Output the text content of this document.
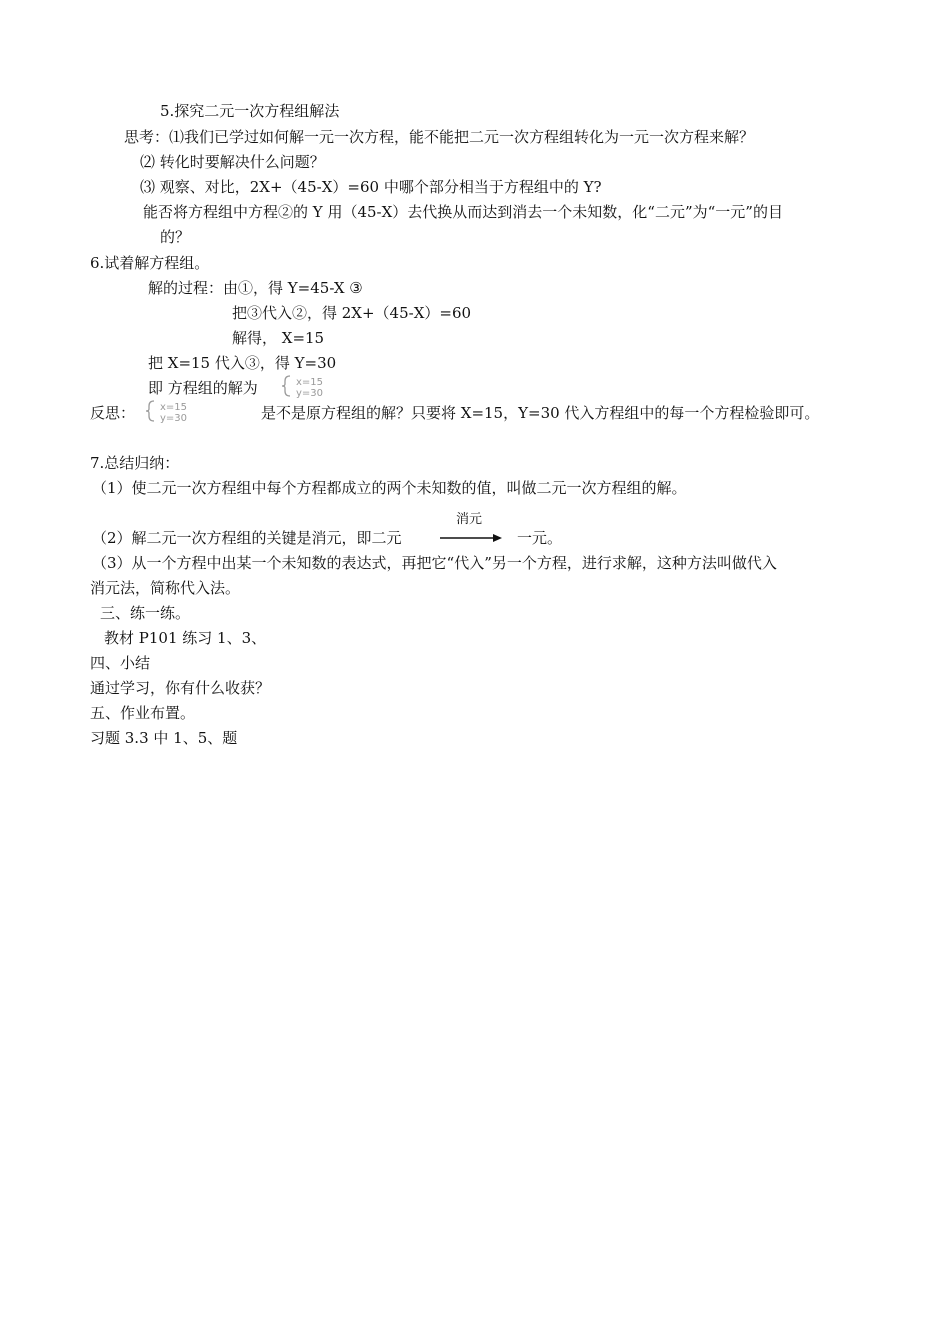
5.探究二元一次方程组解法
思考：⑴我们已学过如何解一元一次方程，能不能把二元一次方程组转化为一元一次方程来解？
⑵ 转化时要解决什么问题？
⑶ 观察、对比，2X+（45-X）=60 中哪个部分相当于方程组中的 Y?
能否将方程组中方程②的 Y 用（45-X）去代换从而达到消去一个未知数，化“二元”为“一元”的目
的？
6.试着解方程组。
解的过程：由①，得 Y=45-X ③
把③代入②，得 2X+（45-X）=60
解得， X=15
把 X=15 代入③，得 Y=30
即 方程组的解为	x=15
y=30
反思： x=15
y=30	是不是原方程组的解？只要将 X=15，Y=30 代入方程组中的每一个方程检验即可。
7.总结归纳：
（1）使二元一次方程组中每个方程都成立的两个未知数的值，叫做二元一次方程组的解。
消元
（2）解二元一次方程组的关键是消元，即二元	一元。
（3）从一个方程中出某一个未知数的表达式，再把它“代入”另一个方程，进行求解，这种方法叫做代入
消元法，简称代入法。
三、练一练。
教材 P101 练习 1、3、
四、小结
通过学习，你有什么收获？
五、作业布置。
习题 3.3 中 1、5、题
